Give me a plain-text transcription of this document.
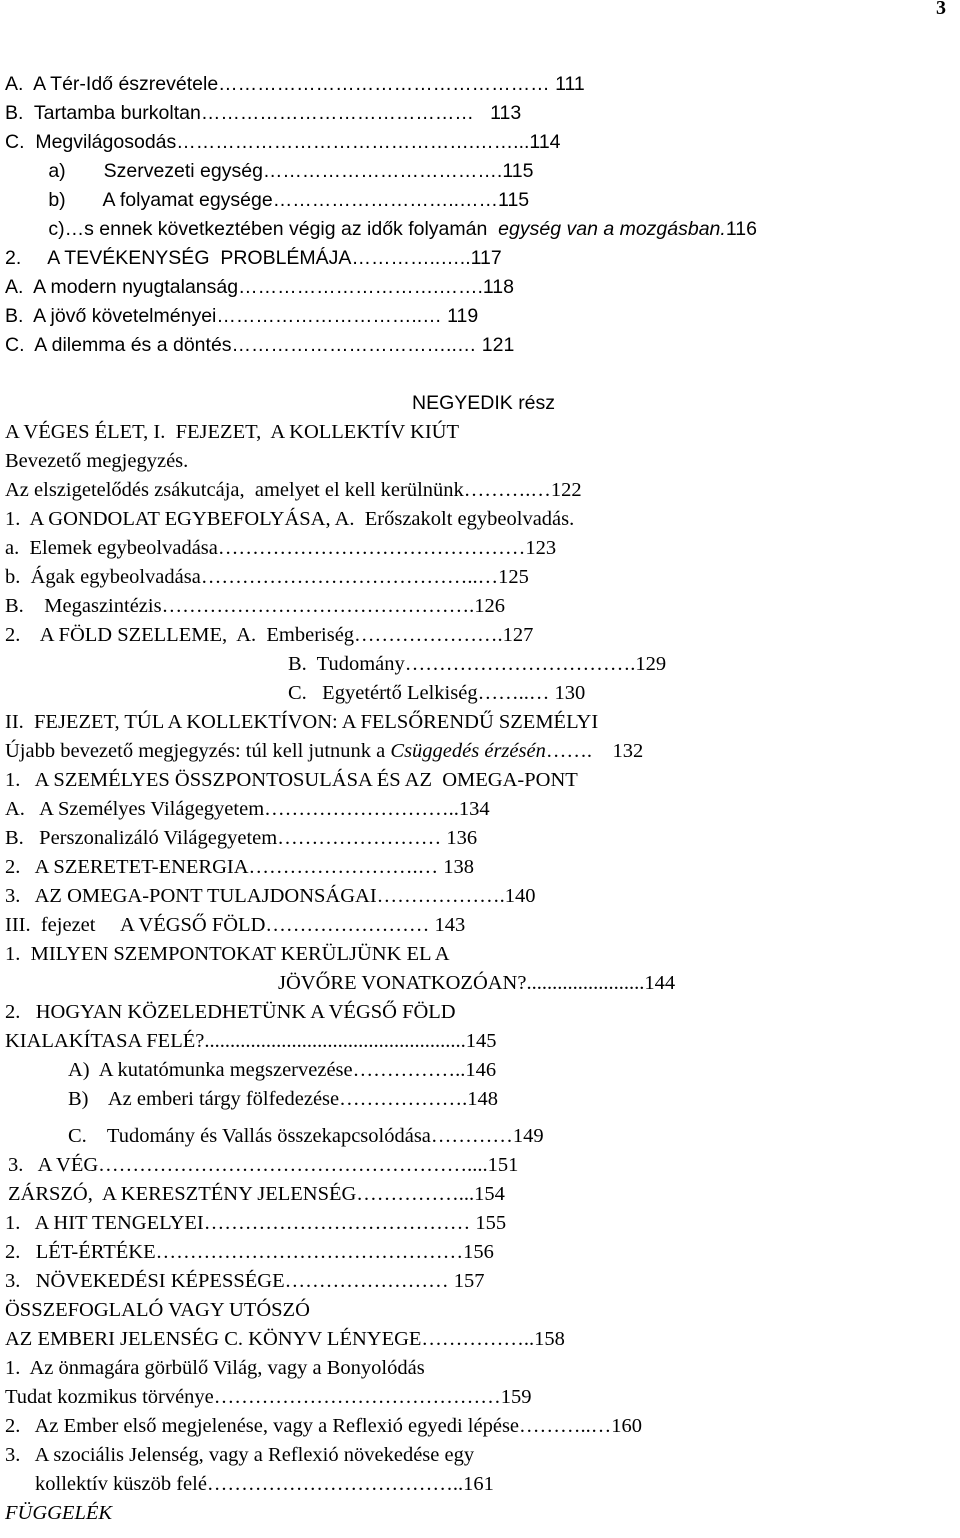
3
A.  A Tér-Idő észrevétele…………………………………………… 111
B.  Tartamba burkoltan……………………………………   113
C.  Megvilágosodás……………………………………….……...114
a)       Szervezeti egység……………………………….115
b)       A folyamat egysége………………………..……115
c)…s ennek következtében végig az idők folyamán  egység van a mozgásban.116
2.     A TEVÉKENYSÉG  PROBLÉMÁJA…………..…..117
A.  A modern nyugtalanság………………………….…….118
B.  A jövő követelményei…………………………..… 119
C.  A dilemma és a döntés……………………………..… 121
NEGYEDIK rész
A VÉGES ÉLET, I.  FEJEZET,  A KOLLEKTÍV KIÚT
Bevezető megjegyzés.
Az elszigetelődés zsákutcája,  amelyet el kell kerülnünk……….…122
1.  A GONDOLAT EGYBEFOLYÁSA, A.  Erőszakolt egybeolvadás.
a.  Elemek egybeolvadása………………………………………123
b.  Ágak egybeolvadása…………………………………..…125
B.    Megaszintézis……………………………………….126
2.    A FÖLD SZELLEME,  A.  Emberiség………………….127
B.  Tudomány…………………………….129
C.   Egyetértő Lelkiség……..… 130
II.  FEJEZET, TÚL A KOLLEKTÍVON: A FELSŐRENDŰ SZEMÉLYI
Újabb bevezető megjegyzés: túl kell jutnunk a Csüggedés érzésén…….    132
1.   A SZEMÉLYES ÖSSZPONTOSULÁSA ÉS AZ  OMEGA-PONT
A.   A Személyes Világegyetem………………………..134
B.   Perszonalizáló Világegyetem…………………… 136
2.   A SZERETET-ENERGIA…………………….… 138
3.   AZ OMEGA-PONT TULAJDONSÁGAI……………….140
III.  fejezet     A VÉGSŐ FÖLD…………………… 143
1.  MILYEN SZEMPONTOKAT KERÜLJÜNK EL A
JÖVŐRE VONATKOZÓAN?.......................144
2.   HOGYAN KÖZELEDHETÜNK A VÉGSŐ FÖLD
KIALAKÍTASA FELÉ?...................................................145
A)  A kutatómunka megszervezése……………..146
B)    Az emberi tárgy fölfedezése……………….148
C.    Tudomány és Vallás összekapcsolódása…………149
3.   A VÉG………………………………………………....151
ZÁRSZÓ,  A KERESZTÉNY JELENSÉG……………...154
1.   A HIT TENGELYEI………………………………… 155
2.   LÉT-ÉRTÉKE………………………………………156
3.   NÖVEKEDÉSI KÉPESSÉGE…………………… 157
ÖSSZEFOGLALÓ VAGY UTÓSZÓ
AZ EMBERI JELENSÉG C. KÖNYV LÉNYEGE……………..158
1.  Az önmagára görbülő Világ, vagy a Bonyolódás
Tudat kozmikus törvénye……………………………………159
2.   Az Ember első megjelenése, vagy a Reflexió egyedi lépése………..…160
3.   A szociális Jelenség, vagy a Reflexió növekedése egy
kollektív küszöb felé………………………………..161
FÜGGELÉK
